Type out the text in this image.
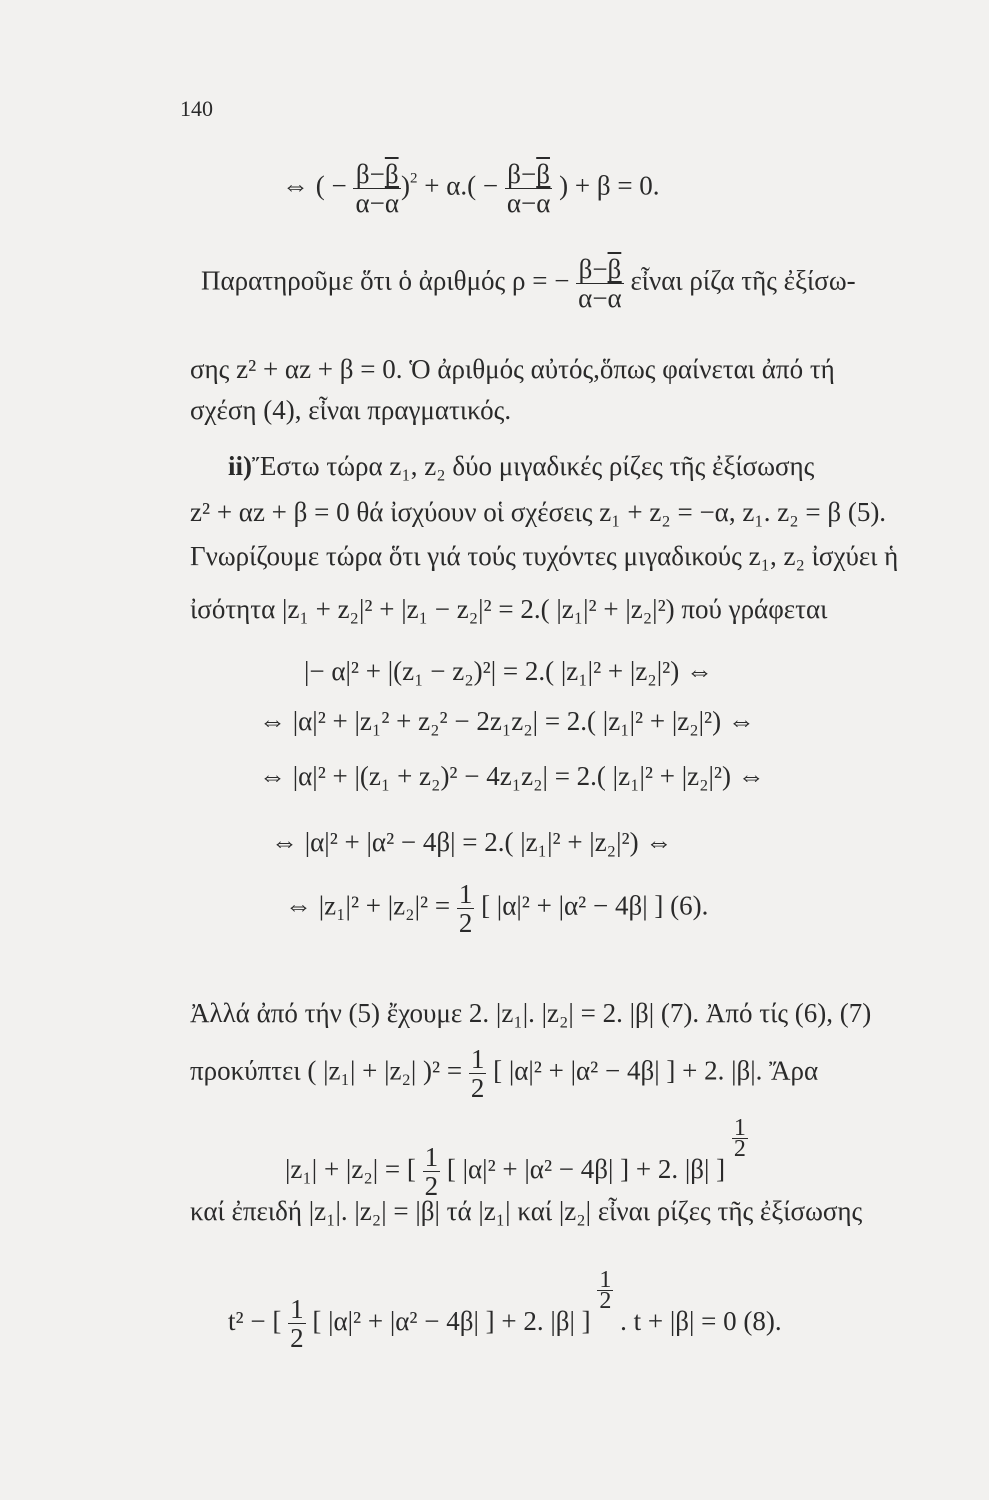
140
⇔ ( − $\frac{\beta-\overline{\beta}}{\alpha-\overline{\alpha}} )^2 + \alpha.( - \frac{\beta-\overline{\beta}}{\alpha-\overline{\alpha}}$ ) + β = 0.
Παρατηροῦμε ὅτι ὁ ἀριθμός ρ = − $\frac{\beta-\overline{\beta}}{\alpha-\overline{\alpha}}$ εἶναι ρίζα τῆς ἐξίσω-
σης z² + αz + β = 0. Ὁ ἀριθμός αὐτός,ὅπως φαίνεται ἀπό τή
σχέση (4), εἶναι πραγματικός.
ii)Ἔστω τώρα z₁, z₂ δύο μιγαδικές ρίζες τῆς ἐξίσωσης
z² + αz + β = 0 θά ἰσχύουν οἱ σχέσεις z₁ + z₂ = −α, z₁. z₂ = β (5).
Γνωρίζουμε τώρα ὅτι γιά τούς τυχόντες μιγαδικούς z₁, z₂ ἰσχύει ἡ
ἰσότητα |z₁ + z₂|² + |z₁ − z₂|² = 2.( |z₁|² + |z₂|²) πού γράφεται
|− α|² + |(z₁ − z₂)²| = 2.( |z₁|² + |z₂|²) ⇔
⇔ |α|² + |z₁² + z₂² − 2z₁z₂| = 2.( |z₁|² + |z₂|²) ⇔
⇔ |α|² + |(z₁ + z₂)² − 4z₁z₂| = 2.( |z₁|² + |z₂|²) ⇔
⇔ |α|² + |α² − 4β| = 2.( |z₁|² + |z₂|²) ⇔
⇔ $|z_1|^2 + |z_2|^2 = \frac{1}{2}$ [ |α|² + |α² − 4β| ] (6).
Ἀλλά ἀπό τήν (5) ἔχουμε 2. |z₁|. |z₂| = 2. |β| (7). Ἀπό τίς (6), (7)
προκύπτει ( |z₁| + |z₂| )$^2 = \frac{1}{2}$ [ |α|² + |α² − 4β| ] + 2. |β|. Ἄρα
|z₁| + |z₂| = [ $\frac{1}{2}$ [ |α|² + |α² − 4β| ] + 2. |β| ]
$\frac{1}{2}$
καί ἐπειδή |z₁|. |z₂| = |β| τά |z₁| καί |z₂| εἶναι ρίζες τῆς ἐξίσωσης
t² − [ $\frac{1}{2}$ [ |α|² + |α² − 4β| ] + 2. |β| ]
$\frac{1}{2}$
. t + |β| = 0 (8).
